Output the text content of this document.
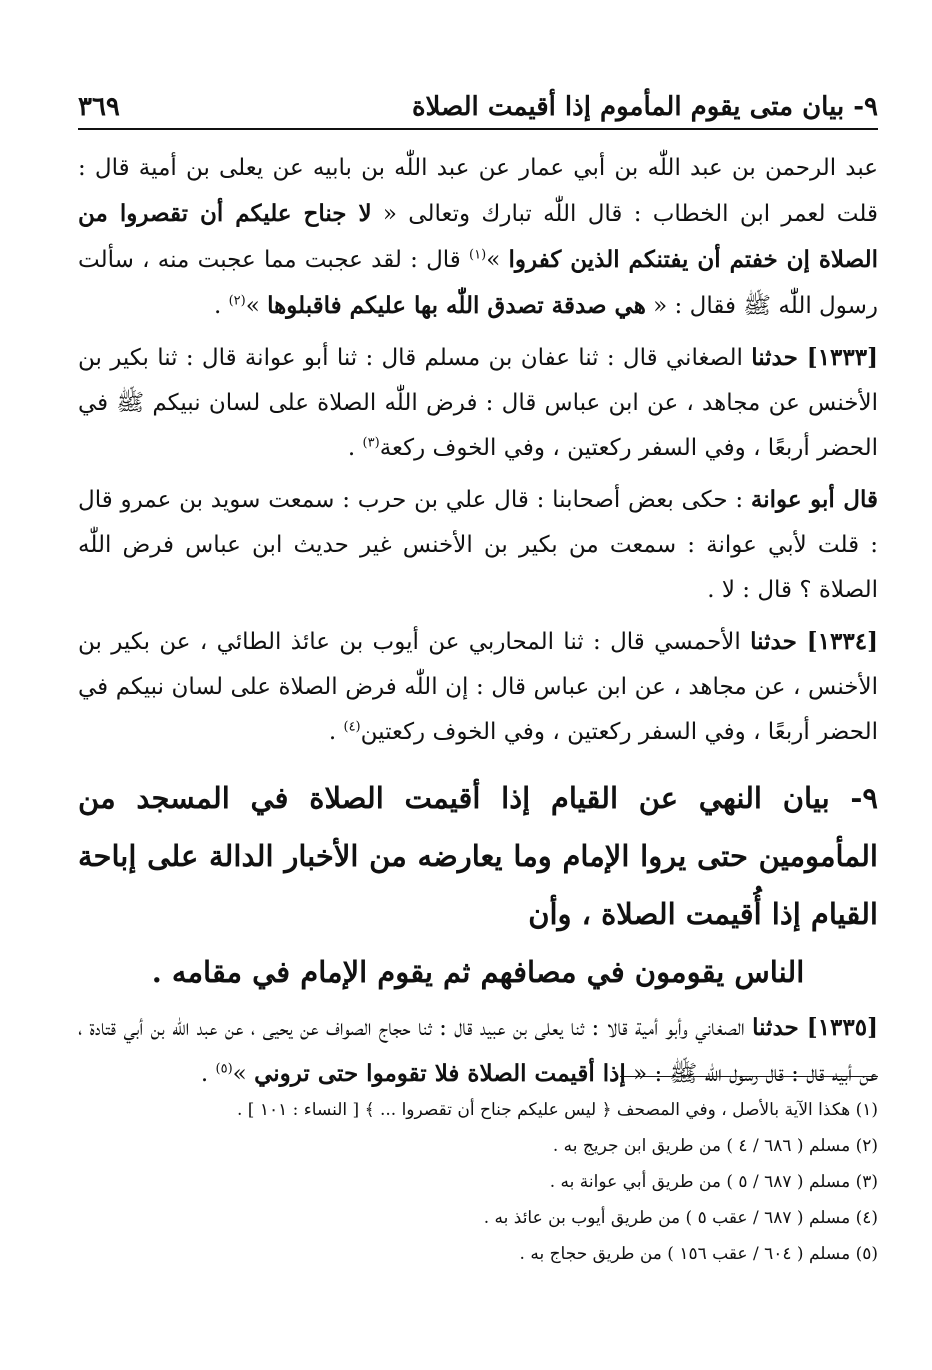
٩- بيان متى يقوم المأموم إذا أقيمت الصلاة
٣٦٩

عبد الرحمن بن عبد اللّٰه بن أبي عمار عن عبد اللّٰه بن بابيه عن يعلى بن أمية قال : قلت لعمر ابن الخطاب : قال اللّٰه تبارك وتعالى « لا جناح عليكم أن تقصروا من الصلاة إن خفتم أن يفتنكم الذين كفروا »$^{(١)}$ قال : لقد عجبت مما عجبت منه ، سألت رسول اللّٰه ﷺ فقال : « هي صدقة تصدق اللّٰه بها عليكم فاقبلوها »$^{(٢)}$ .

[١٣٣٣] حدثنا الصغاني قال : ثنا عفان بن مسلم قال : ثنا أبو عوانة قال : ثنا بكير بن الأخنس عن مجاهد ، عن ابن عباس قال : فرض اللّٰه الصلاة على لسان نبيكم ﷺ في الحضر أربعًا ، وفي السفر ركعتين ، وفي الخوف ركعة$^{(٣)}$ .

قال أبو عوانة : حكى بعض أصحابنا : قال علي بن حرب : سمعت سويد بن عمرو قال : قلت لأبي عوانة : سمعت من بكير بن الأخنس غير حديث ابن عباس فرض اللّٰه الصلاة ؟ قال : لا .

[١٣٣٤] حدثنا الأحمسي قال : ثنا المحاربي عن أيوب بن عائذ الطائي ، عن بكير بن الأخنس ، عن مجاهد ، عن ابن عباس قال : إن اللّٰه فرض الصلاة على لسان نبيكم في الحضر أربعًا ، وفي السفر ركعتين ، وفي الخوف ركعتين$^{(٤)}$ .

٩- بيان النهي عن القيام إذا أقيمت الصلاة في المسجد من المأمومين حتى يروا الإمام وما يعارضه من الأخبار الدالة على إباحة القيام إذا أُقيمت الصلاة ، وأن
الناس يقومون في مصافهم ثم يقوم الإمام في مقامه .

[١٣٣٥] حدثنا الصغاني وأبو أمية قالا : ثنا يعلى بن عبيد قال : ثنا حجاج الصواف عن يحيى ، عن عبد اللّٰه بن أبي قتادة ، عن أبيه قال : قال رسول اللّٰه ﷺ : « إذا أقيمت الصلاة فلا تقوموا حتى تروني »$^{(٥)}$ .

(١) هكذا الآية بالأصل ، وفي المصحف ﴿ ليس عليكم جناح أن تقصروا ... ﴾ [ النساء : ١٠١ ] .

(٢) مسلم ( ٦٨٦ / ٤ ) من طريق ابن جريج به .

(٣) مسلم ( ٦٨٧ / ٥ ) من طريق أبي عوانة به .

(٤) مسلم ( ٦٨٧ / عقب ٥ ) من طريق أيوب بن عائذ به .

(٥) مسلم ( ٦٠٤ / عقب ١٥٦ ) من طريق حجاج به .
